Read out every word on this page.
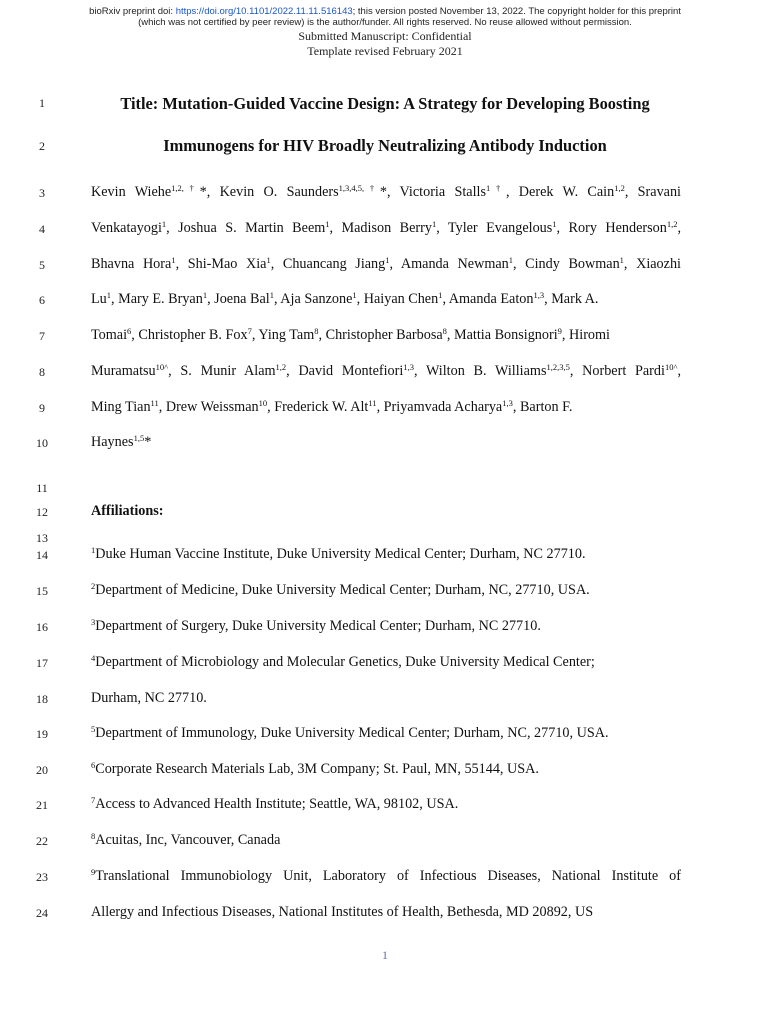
bioRxiv preprint doi: https://doi.org/10.1101/2022.11.11.516143; this version posted November 13, 2022. The copyright holder for this preprint
(which was not certified by peer review) is the author/funder. All rights reserved. No reuse allowed without permission.
Submitted Manuscript: Confidential
Template revised February 2021
1
2
3
4
5
6
7
8
9
10
11
12
13
14
15
16
17
18
19
20
21
22
23
24
Title: Mutation-Guided Vaccine Design: A Strategy for Developing Boosting
Immunogens for HIV Broadly Neutralizing Antibody Induction
Kevin Wiehe$^{1,2,\dagger}$*, Kevin O. Saunders$^{1,3,4,5,\dagger}$*, Victoria Stalls$^{1\dagger}$, Derek W. Cain$^{1,2}$, Sravani
Venkatayogi$^1$, Joshua S. Martin Beem$^1$, Madison Berry$^1$, Tyler Evangelous$^1$, Rory Henderson$^{1,2}$,
Bhavna Hora$^1$, Shi-Mao Xia$^1$, Chuancang Jiang$^1$, Amanda Newman$^1$, Cindy Bowman$^1$, Xiaozhi
Lu$^1$, Mary E. Bryan$^1$, Joena Bal$^1$, Aja Sanzone$^1$, Haiyan Chen$^1$, Amanda Eaton$^{1,3}$, Mark A.
Tomai$^6$, Christopher B. Fox$^7$, Ying Tam$^8$, Christopher Barbosa$^8$, Mattia Bonsignori$^9$, Hiromi
Muramatsu$^{10\^{}}$, S. Munir Alam$^{1,2}$, David Montefiori$^{1,3}$, Wilton B. Williams$^{1,2,3,5}$, Norbert Pardi$^{10\^{}}$,
Ming Tian$^{11}$, Drew Weissman$^{10}$, Frederick W. Alt$^{11}$, Priyamvada Acharya$^{1,3}$, Barton F.
Haynes$^{1,5}$*
Affiliations:
$^1$Duke Human Vaccine Institute, Duke University Medical Center; Durham, NC 27710.
$^2$Department of Medicine, Duke University Medical Center; Durham, NC, 27710, USA.
$^3$Department of Surgery, Duke University Medical Center; Durham, NC 27710.
$^4$Department of Microbiology and Molecular Genetics, Duke University Medical Center;
Durham, NC 27710.
$^5$Department of Immunology, Duke University Medical Center; Durham, NC, 27710, USA.
$^6$Corporate Research Materials Lab, 3M Company; St. Paul, MN, 55144, USA.
$^7$Access to Advanced Health Institute; Seattle, WA, 98102, USA.
$^8$Acuitas, Inc, Vancouver, Canada
$^9$Translational Immunobiology Unit, Laboratory of Infectious Diseases, National Institute of
Allergy and Infectious Diseases, National Institutes of Health, Bethesda, MD 20892, US
1
